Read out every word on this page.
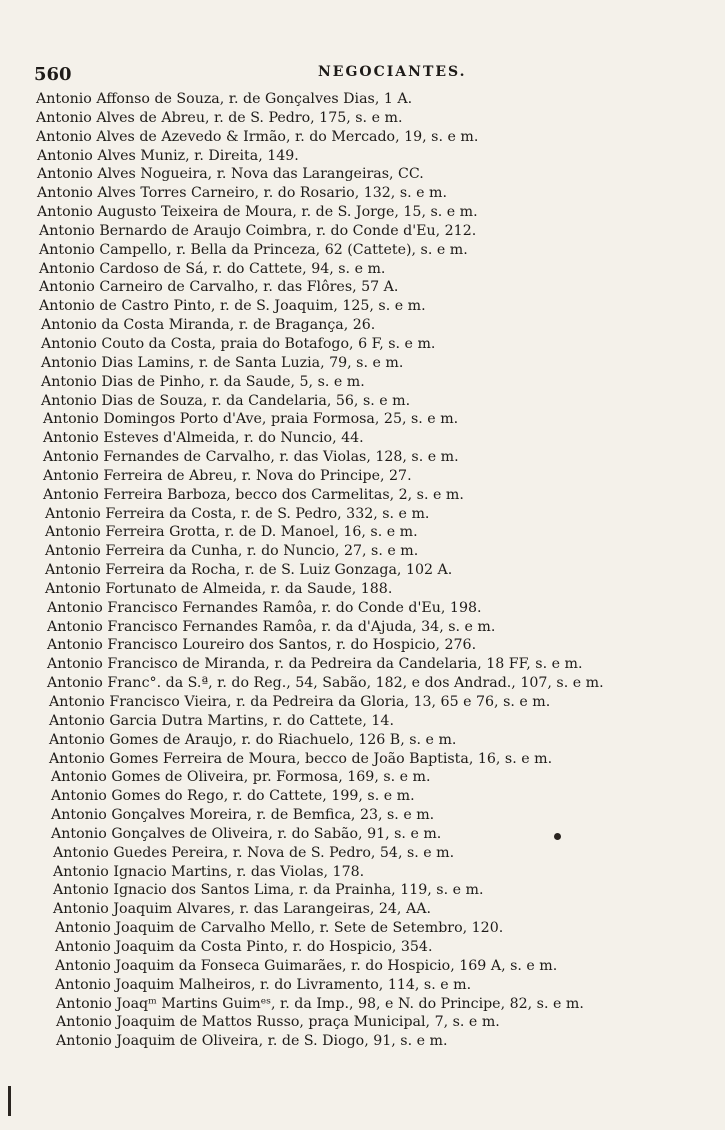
560	NEGOCIANTES.
Antonio Affonso de Souza, r. de Gonçalves Dias, 1 A.
Antonio Alves de Abreu, r. de S. Pedro, 175, s. e m.
Antonio Alves de Azevedo & Irmão, r. do Mercado, 19, s. e m.
Antonio Alves Muniz, r. Direita, 149.
Antonio Alves Nogueira, r. Nova das Larangeiras, CC.
Antonio Alves Torres Carneiro, r. do Rosario, 132, s. e m.
Antonio Augusto Teixeira de Moura, r. de S. Jorge, 15, s. e m.
Antonio Bernardo de Araujo Coimbra, r. do Conde d'Eu, 212.
Antonio Campello, r. Bella da Princeza, 62 (Cattete), s. e m.
Antonio Cardoso de Sá, r. do Cattete, 94, s. e m.
Antonio Carneiro de Carvalho, r. das Flôres, 57 A.
Antonio de Castro Pinto, r. de S. Joaquim, 125, s. e m.
Antonio da Costa Miranda, r. de Bragança, 26.
Antonio Couto da Costa, praia do Botafogo, 6 F, s. e m.
Antonio Dias Lamins, r. de Santa Luzia, 79, s. e m.
Antonio Dias de Pinho, r. da Saude, 5, s. e m.
Antonio Dias de Souza, r. da Candelaria, 56, s. e m.
Antonio Domingos Porto d'Ave, praia Formosa, 25, s. e m.
Antonio Esteves d'Almeida, r. do Nuncio, 44.
Antonio Fernandes de Carvalho, r. das Violas, 128, s. e m.
Antonio Ferreira de Abreu, r. Nova do Principe, 27.
Antonio Ferreira Barboza, becco dos Carmelitas, 2, s. e m.
Antonio Ferreira da Costa, r. de S. Pedro, 332, s. e m.
Antonio Ferreira Grotta, r. de D. Manoel, 16, s. e m.
Antonio Ferreira da Cunha, r. do Nuncio, 27, s. e m.
Antonio Ferreira da Rocha, r. de S. Luiz Gonzaga, 102 A.
Antonio Fortunato de Almeida, r. da Saude, 188.
Antonio Francisco Fernandes Ramôa, r. do Conde d'Eu, 198.
Antonio Francisco Fernandes Ramôa, r. da d'Ajuda, 34, s. e m.
Antonio Francisco Loureiro dos Santos, r. do Hospicio, 276.
Antonio Francisco de Miranda, r. da Pedreira da Candelaria, 18 FF, s. e m.
Antonio Franc°. da S.ª, r. do Reg., 54, Sabão, 182, e dos Andrad., 107, s. e m.
Antonio Francisco Vieira, r. da Pedreira da Gloria, 13, 65 e 76, s. e m.
Antonio Garcia Dutra Martins, r. do Cattete, 14.
Antonio Gomes de Araujo, r. do Riachuelo, 126 B, s. e m.
Antonio Gomes Ferreira de Moura, becco de João Baptista, 16, s. e m.
Antonio Gomes de Oliveira, pr. Formosa, 169, s. e m.
Antonio Gomes do Rego, r. do Cattete, 199, s. e m.
Antonio Gonçalves Moreira, r. de Bemfica, 23, s. e m.
Antonio Gonçalves de Oliveira, r. do Sabão, 91, s. e m.
Antonio Guedes Pereira, r. Nova de S. Pedro, 54, s. e m.
Antonio Ignacio Martins, r. das Violas, 178.
Antonio Ignacio dos Santos Lima, r. da Prainha, 119, s. e m.
Antonio Joaquim Alvares, r. das Larangeiras, 24, AA.
Antonio Joaquim de Carvalho Mello, r. Sete de Setembro, 120.
Antonio Joaquim da Costa Pinto, r. do Hospicio, 354.
Antonio Joaquim da Fonseca Guimarães, r. do Hospicio, 169 A, s. e m.
Antonio Joaquim Malheiros, r. do Livramento, 114, s. e m.
Antonio Joaqᵐ Martins Guimᵉˢ, r. da Imp., 98, e N. do Principe, 82, s. e m.
Antonio Joaquim de Mattos Russo, praça Municipal, 7, s. e m.
Antonio Joaquim de Oliveira, r. de S. Diogo, 91, s. e m.
